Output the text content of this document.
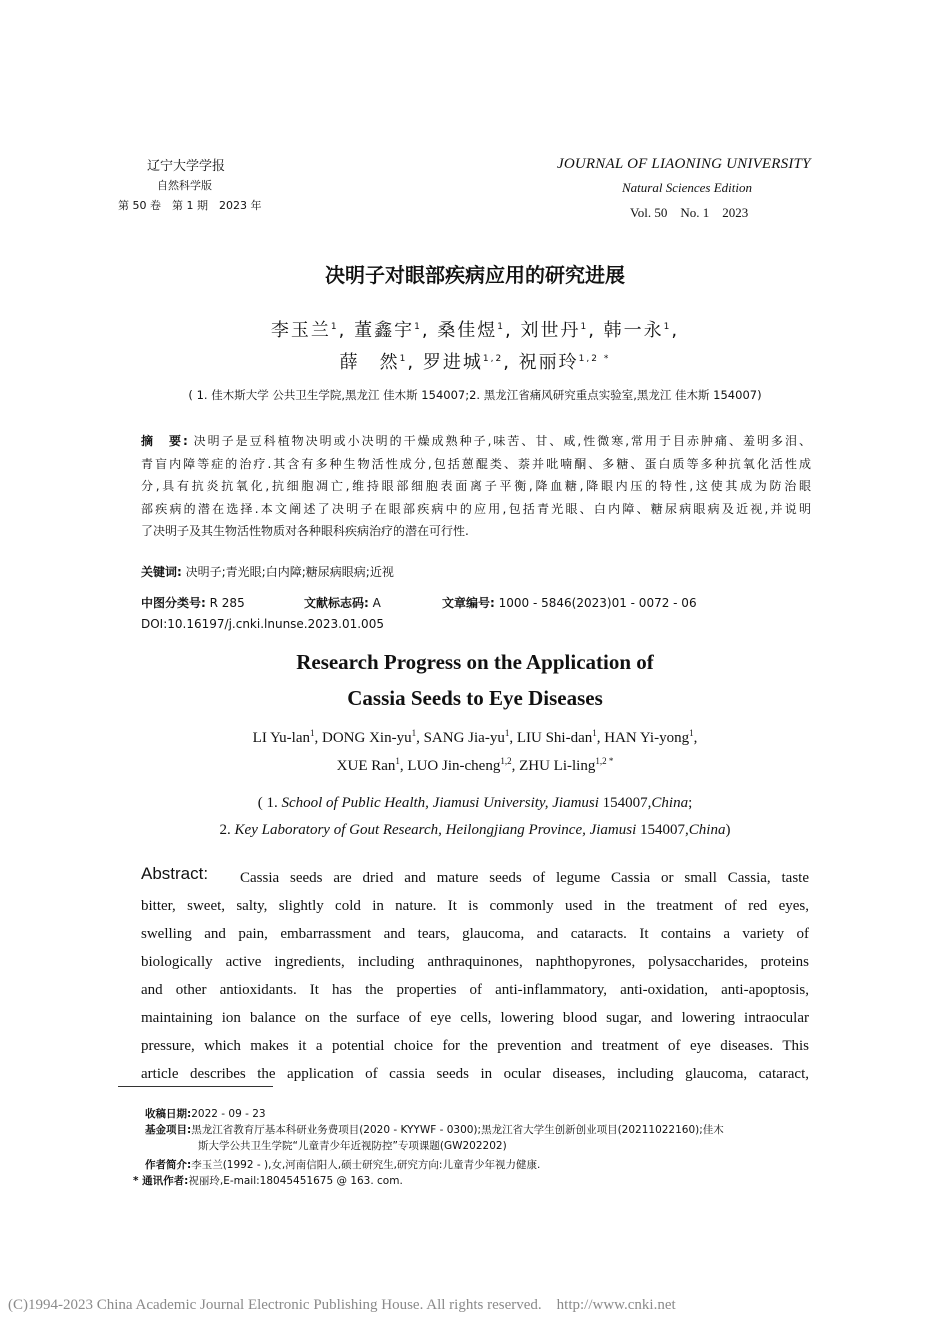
辽宁大学学报
自然科学版
第 50 卷　第 1 期　2023 年
JOURNAL OF LIAONING UNIVERSITY
Natural Sciences Edition
Vol. 50　No. 1　2023
决明子对眼部疾病应用的研究进展
李玉兰$^1$, 董鑫宇$^1$, 桑佳煜$^1$, 刘世丹$^1$, 韩一永$^1$,
薛　然$^1$, 罗进城$^{1,2}$, 祝丽玲$^{1,2 *}$
( 1. 佳木斯大学 公共卫生学院,黑龙江 佳木斯 154007;2. 黑龙江省痛风研究重点实验室,黑龙江 佳木斯 154007)
摘　要: 决明子是豆科植物决明或小决明的干燥成熟种子,味苦、甘、咸,性微寒,常用于目赤肿痛、羞明多泪、
青盲内障等症的治疗.其含有多种生物活性成分,包括蒽醌类、萘并吡喃酮、多糖、蛋白质等多种抗氧化活性成
分,具有抗炎抗氧化,抗细胞凋亡,维持眼部细胞表面离子平衡,降血糖,降眼内压的特性,这使其成为防治眼
部疾病的潜在选择.本文阐述了决明子在眼部疾病中的应用,包括青光眼、白内障、糖尿病眼病及近视,并说明
了决明子及其生物活性物质对各种眼科疾病治疗的潜在可行性.
关键词: 决明子;青光眼;白内障;糖尿病眼病;近视
中图分类号: R 285	文献标志码: A	文章编号: 1000 - 5846(2023)01 - 0072 - 06
DOI:10.16197/j.cnki.lnunse.2023.01.005
Research Progress on the Application of
Cassia Seeds to Eye Diseases
LI Yu-lan$^1$, DONG Xin-$yu^1$, SANG Jia-$yu^1$, LIU Shi-dan$^1$, HAN Yi-yong$^1$,
XUE Ran$^1$, LUO Jin-cheng$^{1,2}$, ZHU Li-ling$^{1,2 *}$
( 1. School of Public Health, Jiamusi University, Jiamusi 154007,China;
2. Key Laboratory of Gout Research, Heilongjiang Province, Jiamusi 154007,China)
Abstract:	Cassia seeds are dried and mature seeds of legume Cassia or small Cassia, taste
bitter, sweet, salty, slightly cold in nature. It is commonly used in the treatment of red eyes,
swelling and pain, embarrassment and tears, glaucoma, and cataracts. It contains a variety of
biologically active ingredients, including anthraquinones, naphthopyrones, polysaccharides, proteins
and other antioxidants. It has the properties of anti-inflammatory, anti-oxidation, anti-apoptosis,
maintaining ion balance on the surface of eye cells, lowering blood sugar, and lowering intraocular
pressure, which makes it a potential choice for the prevention and treatment of eye diseases. This
article describes the application of cassia seeds in ocular diseases, including glaucoma, cataract,
收稿日期:2022 - 09 - 23
基金项目:黑龙江省教育厅基本科研业务费项目(2020 - KYYWF - 0300);黑龙江省大学生创新创业项目(20211022160);佳木
斯大学公共卫生学院“儿童青少年近视防控”专项课题(GW202202)
作者简介:李玉兰(1992 - ),女,河南信阳人,硕士研究生,研究方向:儿童青少年视力健康.
* 通讯作者:祝丽玲,E-mail:18045451675 @ 163. com.
(C)1994-2023 China Academic Journal Electronic Publishing House. All rights reserved.    http://www.cnki.net
